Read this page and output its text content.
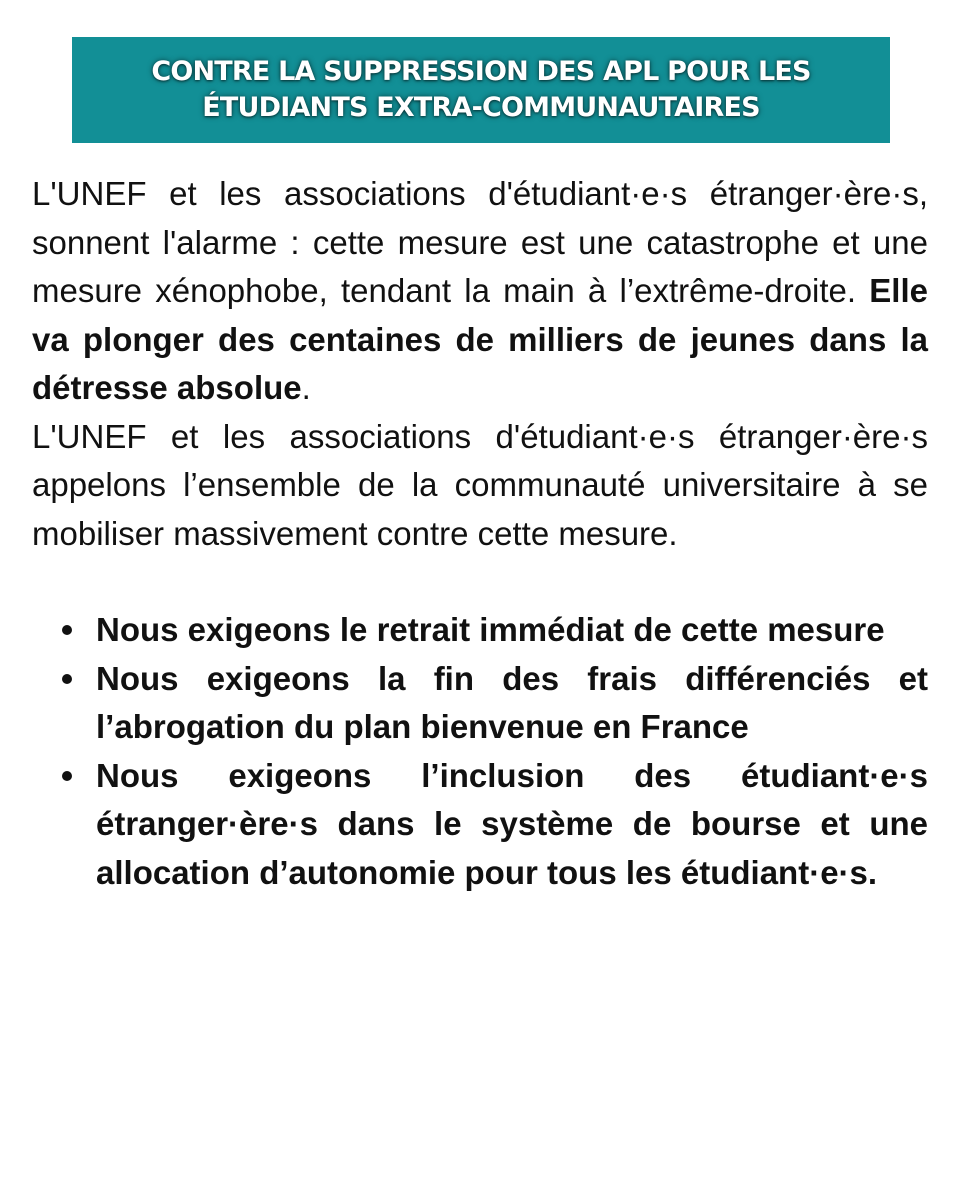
CONTRE LA SUPPRESSION DES APL POUR LES
ÉTUDIANTS EXTRA-COMMUNAUTAIRES

L'UNEF et les associations d'étudiant·e·s étranger·ère·s, sonnent l'alarme : cette mesure est une catastrophe et une mesure xénophobe, tendant la main à l’extrême-droite. Elle va plonger des centaines de milliers de jeunes dans la détresse absolue.

L'UNEF et les associations d'étudiant·e·s étranger·ère·s appelons l’ensemble de la communauté universitaire à se mobiliser massivement contre cette mesure.

Nous exigeons le retrait immédiat de cette mesure
Nous exigeons la fin des frais différenciés et l’abrogation du plan bienvenue en France
Nous exigeons l’inclusion des étudiant·e·s étranger·ère·s dans le système de bourse et une allocation d’autonomie pour tous les étudiant·e·s.
